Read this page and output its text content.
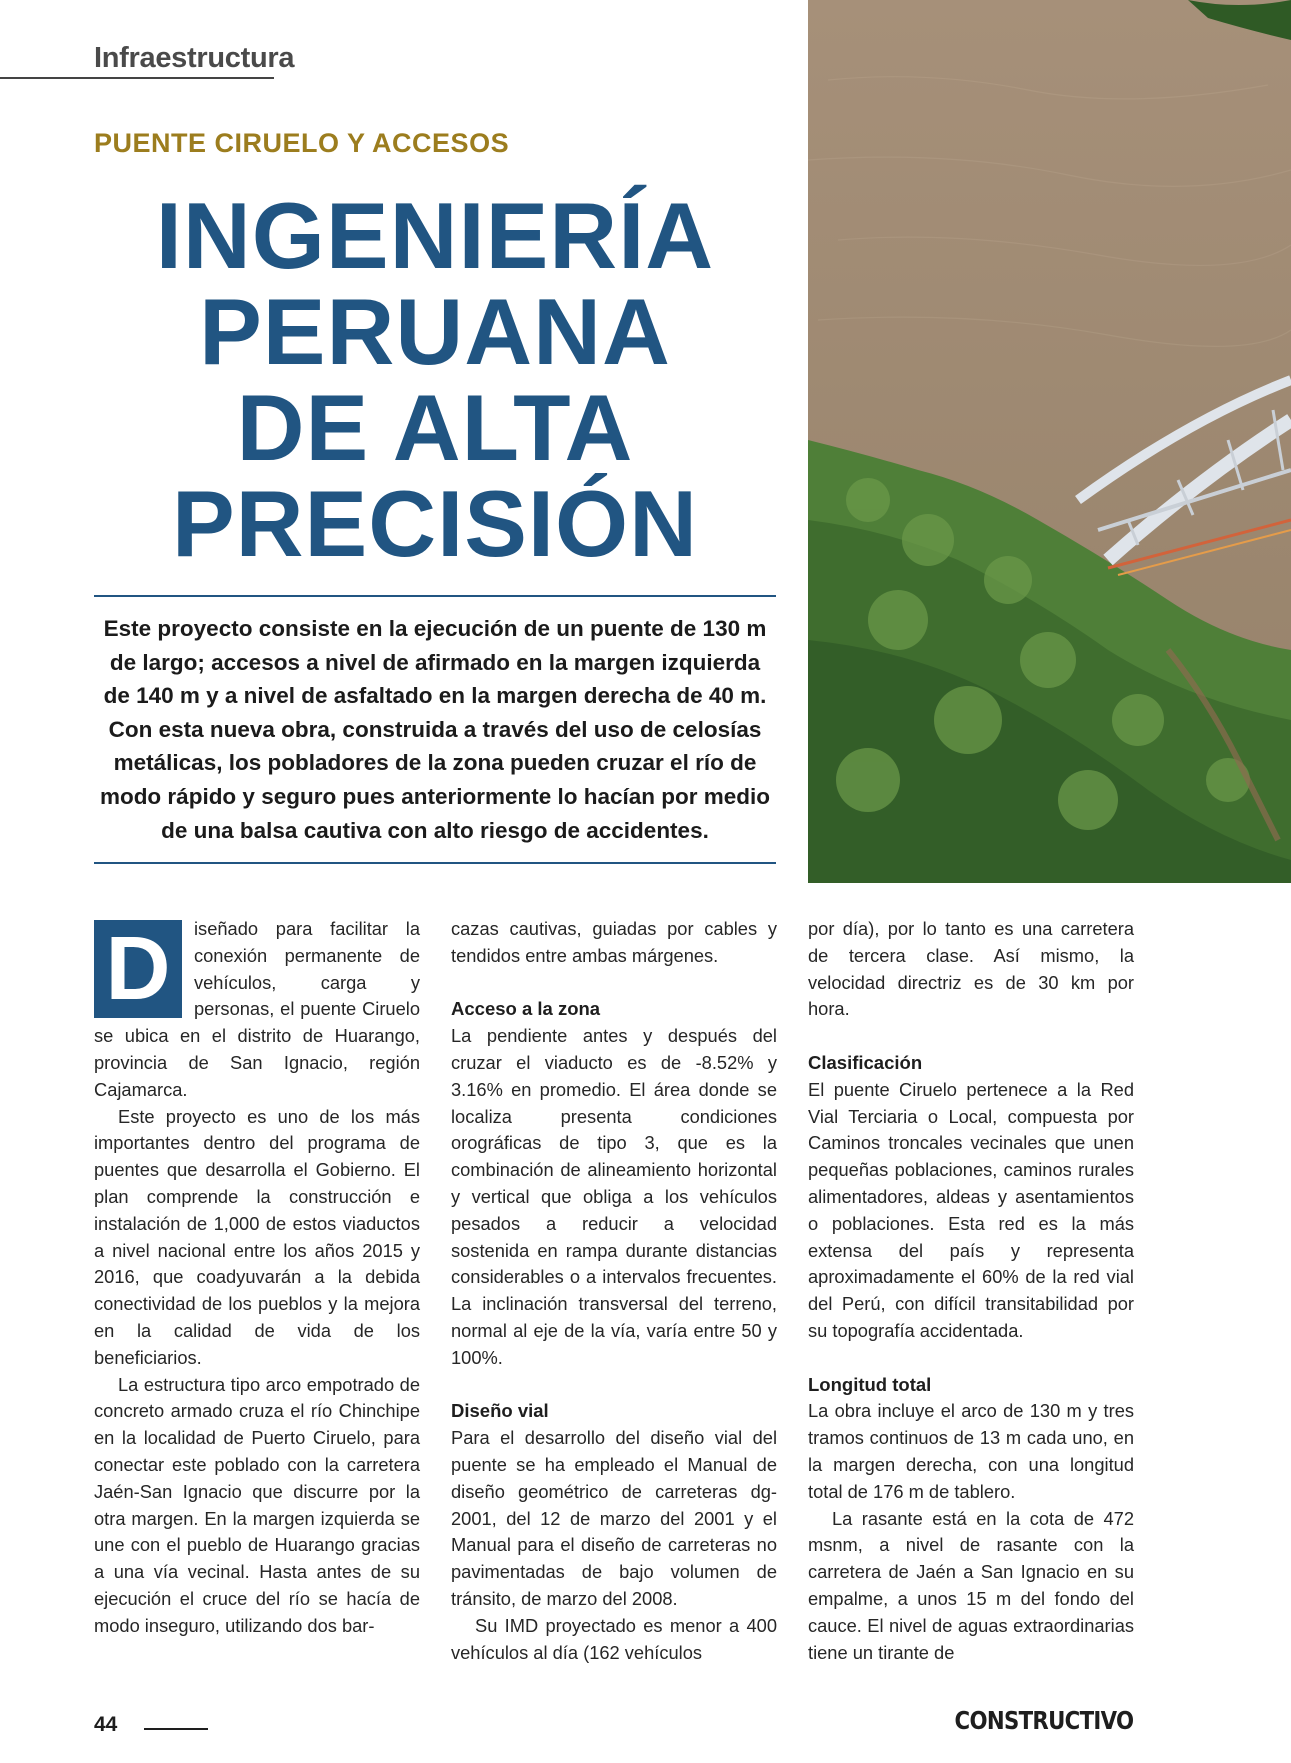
Infraestructura
PUENTE CIRUELO Y ACCESOS
INGENIERÍA
PERUANA
DE ALTA
PRECISIÓN
Este proyecto consiste en la ejecución de un puente de 130 m de largo; accesos a nivel de afirmado en la margen izquierda de 140 m y a nivel de asfaltado en la margen derecha de 40 m. Con esta nueva obra, construida a través del uso de celosías metálicas, los pobladores de la zona pueden cruzar el río de modo rápido y seguro pues anteriormente lo hacían por medio de una balsa cautiva con alto riesgo de accidentes.
D	iseñado para facilitar la conexión permanente de vehículos, carga y personas, el puente Ciruelo se ubica en el distrito de Huarango, provincia de San Ignacio, región Cajamarca.

Este proyecto es uno de los más importantes dentro del programa de puentes que desarrolla el Gobierno. El plan comprende la construcción e instalación de 1,000 de estos viaductos a nivel nacional entre los años 2015 y 2016, que coadyuvarán a la debida conectividad de los pueblos y la mejora en la calidad de vida de los beneficiarios.

La estructura tipo arco empotrado de concreto armado cruza el río Chinchipe en la localidad de Puerto Ciruelo, para conectar este poblado con la carretera Jaén-San Ignacio que discurre por la otra margen. En la margen izquierda se une con el pueblo de Huarango gracias a una vía vecinal. Hasta antes de su ejecución el cruce del río se hacía de modo inseguro, utilizando dos bar-

cazas cautivas, guiadas por cables y tendidos entre ambas márgenes.

Acceso a la zona

La pendiente antes y después del cruzar el viaducto es de -8.52% y 3.16% en promedio. El área donde se localiza presenta condiciones orográficas de tipo 3, que es la combinación de alineamiento horizontal y vertical que obliga a los vehículos pesados a reducir a velocidad sostenida en rampa durante distancias considerables o a intervalos frecuentes. La inclinación transversal del terreno, normal al eje de la vía, varía entre 50 y 100%.

Diseño vial

Para el desarrollo del diseño vial del puente se ha empleado el Manual de diseño geométrico de carreteras dg-2001, del 12 de marzo del 2001 y el Manual para el diseño de carreteras no pavimentadas de bajo volumen de tránsito, de marzo del 2008.

Su IMD proyectado es menor a 400 vehículos al día (162 vehículos

por día), por lo tanto es una carretera de tercera clase. Así mismo, la velocidad directriz es de 30 km por hora.

Clasificación

El puente Ciruelo pertenece a la Red Vial Terciaria o Local, compuesta por Caminos troncales vecinales que unen pequeñas poblaciones, caminos rurales alimentadores, aldeas y asentamientos o poblaciones. Esta red es la más extensa del país y representa aproximadamente el 60% de la red vial del Perú, con difícil transitabilidad por su topografía accidentada.

Longitud total

La obra incluye el arco de 130 m y tres tramos continuos de 13 m cada uno, en la margen derecha, con una longitud total de 176 m de tablero.

La rasante está en la cota de 472 msnm, a nivel de rasante con la carretera de Jaén a San Ignacio en su empalme, a unos 15 m del fondo del cauce. El nivel de aguas extraordinarias tiene un tirante de

44	CONSTRUCTIVO
